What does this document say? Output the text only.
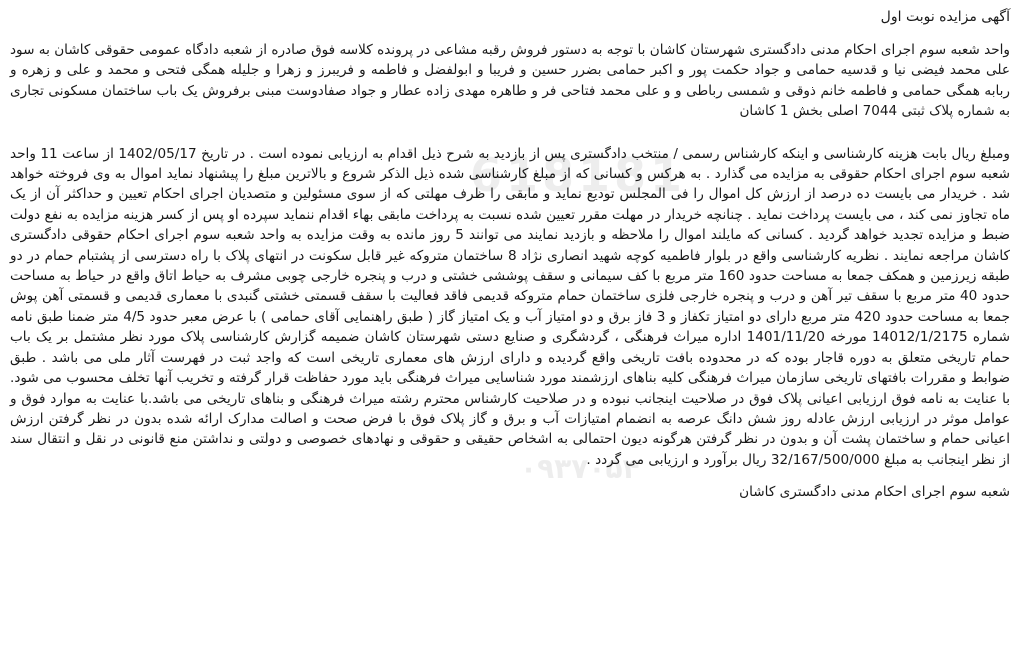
618181
۰۹۳۷۰۵۴
آگهی مزایده نوبت اول

واحد شعبه سوم اجرای احکام مدنی دادگستری شهرستان کاشان با توجه به دستور فروش رقبه مشاعی در پرونده کلاسه فوق صادره از شعبه دادگاه عمومی حقوقی کاشان به سود علی محمد فیضی نیا و قدسیه حمامی و جواد حکمت پور و اکبر حمامی بضرر حسین و فریبا و ابولفضل و فاطمه و فریبرز و زهرا و جلیله همگی فتحی و محمد و علی و زهره و ربابه همگی حمامی و فاطمه خانم ذوقی و شمسی رباطی و و علی محمد فتاحی فر و طاهره مهدی زاده عطار و جواد صفادوست مبنی برفروش یک باب ساختمان مسکونی تجاری به شماره پلاک ثبتی 7044 اصلی بخش 1 کاشان

ومبلغ ریال بابت هزینه کارشناسی و اینکه کارشناس رسمی / منتخب دادگستری پس از بازدید به شرح ذیل اقدام به ارزیابی نموده است . در تاریخ 1402/05/17 از ساعت 11 واحد شعبه سوم اجرای احکام حقوقی به مزایده می گذارد . به هرکس و کسانی که از مبلغ کارشناسی شده ذیل الذکر شروع و بالاترین مبلغ را پیشنهاد نماید اموال به وی فروخته خواهد شد . خریدار می بایست ده درصد از ارزش کل اموال را فی المجلس تودیع نماید و مابقی را ظرف مهلتی که از سوی مسئولین و متصدیان اجرای احکام تعیین و حداکثر آن از یک ماه تجاوز نمی کند ، می بایست پرداخت نماید . چنانچه خریدار در مهلت مقرر تعیین شده نسبت به پرداخت مابقی بهاء اقدام ننماید سپرده او پس از کسر هزینه مزایده به نفع دولت ضبط و مزایده تجدید خواهد گردید . کسانی که مایلند اموال را ملاحظه و بازدید نمایند می توانند 5 روز مانده به وقت مزایده به واحد شعبه سوم اجرای احکام حقوقی دادگستری کاشان مراجعه نمایند . نظریه کارشناسی واقع در بلوار فاطمیه کوچه شهید انصاری نژاد 8 ساختمان متروکه غیر قابل سکونت در انتهای پلاک با راه دسترسی از پشتبام حمام در دو طبقه زیرزمین و همکف جمعا به مساحت حدود 160 متر مربع با کف سیمانی و سقف پوششی خشتی و درب و پنجره خارجی چوبی مشرف به حیاط اتاق واقع در حیاط به مساحت حدود 40 متر مربع با سقف تیر آهن و درب و پنجره خارجی فلزی ساختمان حمام متروکه قدیمی فاقد فعالیت با سقف قسمتی خشتی گنبدی با معماری قدیمی و قسمتی آهن پوش جمعا به مساحت حدود 420 متر مربع دارای دو امتیاز تکفاز و 3 فاز برق و دو امتیاز آب و یک امتیاز گاز ( طبق راهنمایی آقای حمامی ) با عرض معبر حدود 4/5 متر ضمنا طبق نامه شماره 14012/1/2175 مورخه 1401/11/20 اداره میراث فرهنگی ، گردشگری و صنایع دستی شهرستان کاشان ضمیمه گزارش کارشناسی پلاک مورد نظر مشتمل بر یک باب حمام تاریخی متعلق به دوره قاجار بوده که در محدوده بافت تاریخی واقع گردیده و دارای ارزش های معماری تاریخی است که واجد ثبت در فهرست آثار ملی می باشد . طبق ضوابط و مقررات بافتهای تاریخی سازمان میراث فرهنگی کلیه بناهای ارزشمند مورد شناسایی میراث فرهنگی باید مورد حفاظت قرار گرفته و تخریب آنها تخلف محسوب می شود. با عنایت به نامه فوق ارزیابی اعیانی پلاک فوق در صلاحیت اینجانب نبوده و در صلاحیت کارشناس محترم رشته میراث فرهنگی و بناهای تاریخی می باشد.با عنایت به موارد فوق و عوامل موثر در ارزیابی ارزش عادله روز شش دانگ عرصه به انضمام امتیازات آب و برق و گاز پلاک فوق با فرض صحت و اصالت مدارک ارائه شده بدون در نظر گرفتن ارزش اعیانی حمام و ساختمان پشت آن و بدون در نظر گرفتن هرگونه دیون احتمالی به اشخاص حقیقی و حقوقی و نهادهای خصوصی و دولتی و نداشتن منع قانونی در نقل و انتقال سند از نظر اینجانب به مبلغ 32/167/500/000 ریال برآورد و ارزیابی می گردد .

شعبه سوم اجرای احکام مدنی دادگستری کاشان
